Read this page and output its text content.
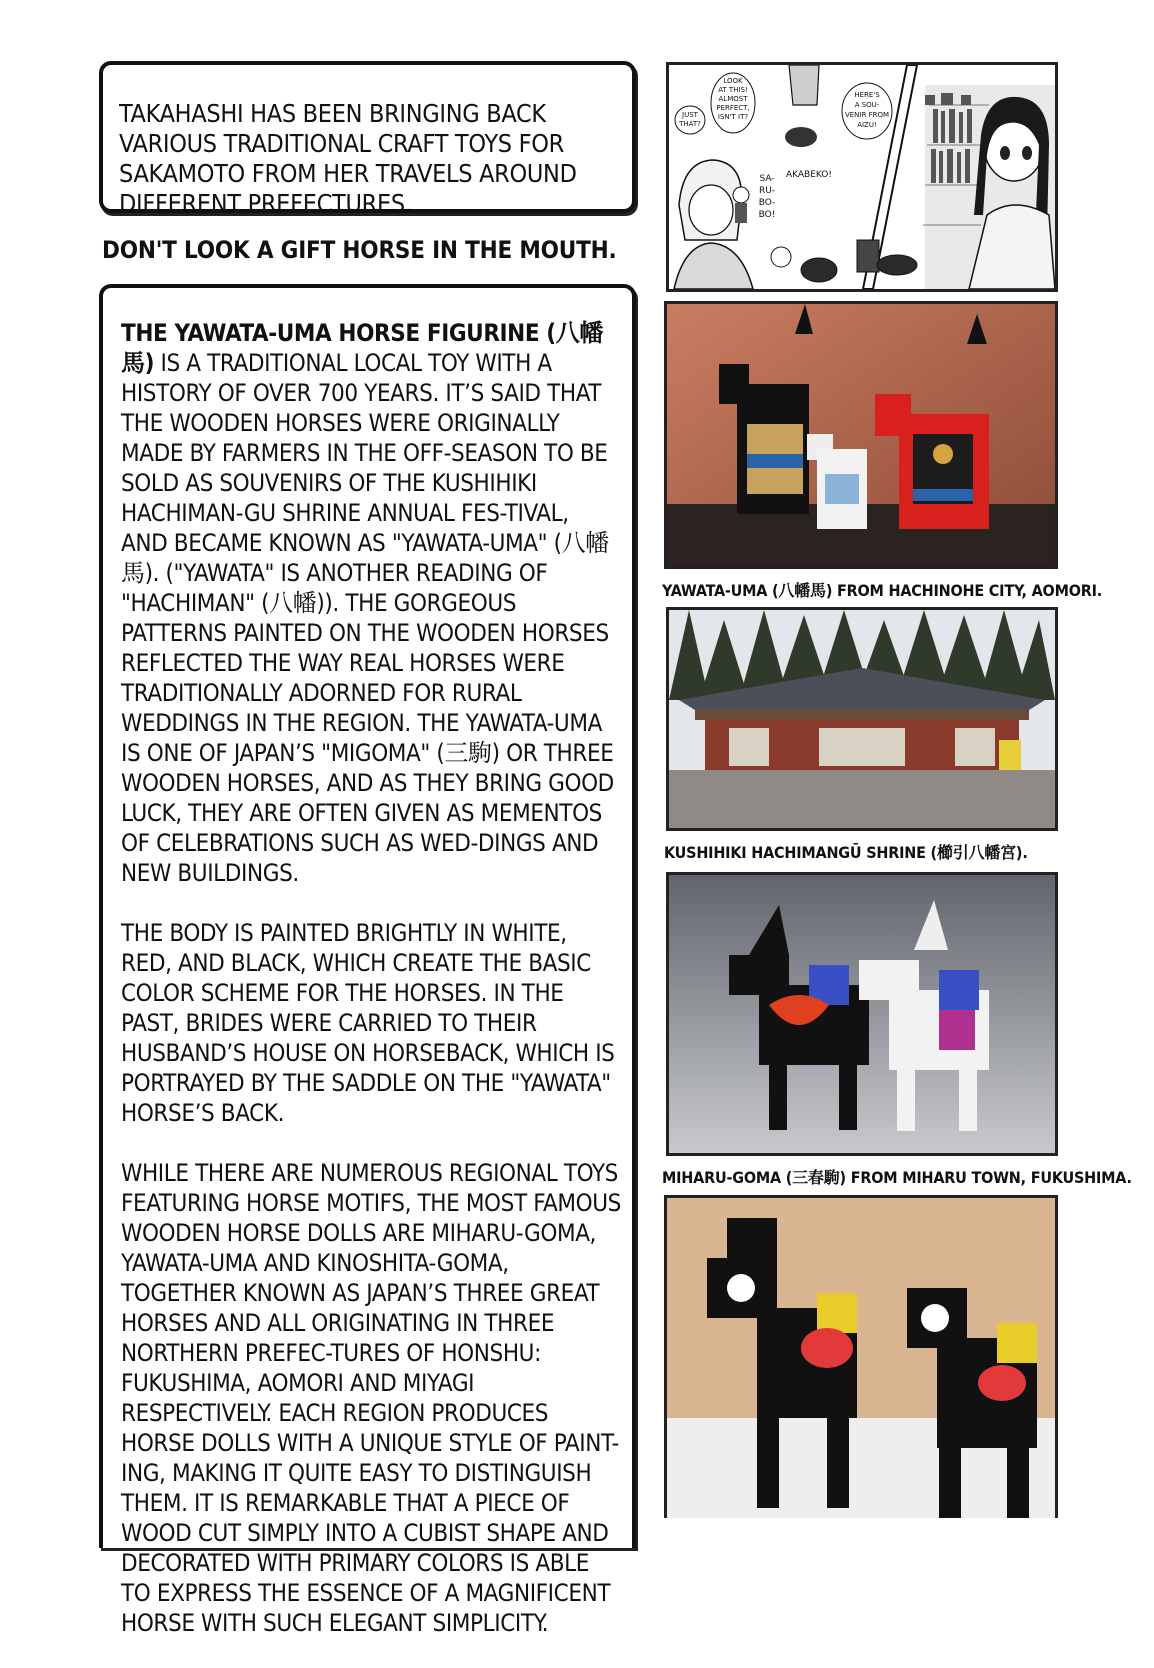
TAKAHASHI HAS BEEN BRINGING BACK VARIOUS TRADITIONAL CRAFT TOYS FOR SAKAMOTO FROM HER TRAVELS AROUND DIFFERENT PREFECTURES.
DON'T LOOK A GIFT HORSE IN THE MOUTH.

THE YAWATA-UMA HORSE FIGURINE (八幡馬) IS A TRADITIONAL LOCAL TOY WITH A HISTORY OF OVER 700 YEARS. IT’S SAID THAT THE WOODEN HORSES WERE ORIGINALLY MADE BY FARMERS IN THE OFF-SEASON TO BE SOLD AS SOUVENIRS OF THE KUSHIHIKI HACHIMAN-GU SHRINE ANNUAL FES-TIVAL, AND BECAME KNOWN AS "YAWATA-UMA" (八幡馬). ("YAWATA" IS ANOTHER READING OF "HACHIMAN" (八幡)). THE GORGEOUS PATTERNS PAINTED ON THE WOODEN HORSES REFLECTED THE WAY REAL HORSES WERE TRADITIONALLY ADORNED FOR RURAL WEDDINGS IN THE REGION. THE YAWATA-UMA IS ONE OF JAPAN’S "MIGOMA" (三駒) OR THREE WOODEN HORSES, AND AS THEY BRING GOOD LUCK, THEY ARE OFTEN GIVEN AS MEMENTOS OF CELEBRATIONS SUCH AS WED-DINGS AND NEW BUILDINGS.

THE BODY IS PAINTED BRIGHTLY IN WHITE, RED, AND BLACK, WHICH CREATE THE BASIC COLOR SCHEME FOR THE HORSES. IN THE PAST, BRIDES WERE CARRIED TO THEIR HUSBAND’S HOUSE ON HORSEBACK, WHICH IS PORTRAYED BY THE SADDLE ON THE "YAWATA" HORSE’S BACK.

WHILE THERE ARE NUMEROUS REGIONAL TOYS FEATURING HORSE MOTIFS, THE MOST FAMOUS WOODEN HORSE DOLLS ARE MIHARU-GOMA, YAWATA-UMA AND KINOSHITA-GOMA, TOGETHER KNOWN AS JAPAN’S THREE GREAT HORSES AND ALL ORIGINATING IN THREE NORTHERN PREFEC-TURES OF HONSHU: FUKUSHIMA, AOMORI AND MIYAGI RESPECTIVELY. EACH REGION PRODUCES HORSE DOLLS WITH A UNIQUE STYLE OF PAINT-ING, MAKING IT QUITE EASY TO DISTINGUISH THEM. IT IS REMARKABLE THAT A PIECE OF WOOD CUT SIMPLY INTO A CUBIST SHAPE AND DECORATED WITH PRIMARY COLORS IS ABLE TO EXPRESS THE ESSENCE OF A MAGNIFICENT HORSE WITH SUCH ELEGANT SIMPLICITY.

JUST
THAT?
LOOK
AT THIS!
ALMOST
PERFECT,
ISN'T IT?
HERE'S
A SOU-
VENIR FROM
AIZU!
SA-
RU-
BO-
BO!
AKABEKO!
YAWATA-UMA (八幡馬) FROM HACHINOHE CITY, AOMORI.
KUSHIHIKI HACHIMANGŪ SHRINE (櫛引八幡宮).
MIHARU-GOMA (三春駒) FROM MIHARU TOWN, FUKUSHIMA.
